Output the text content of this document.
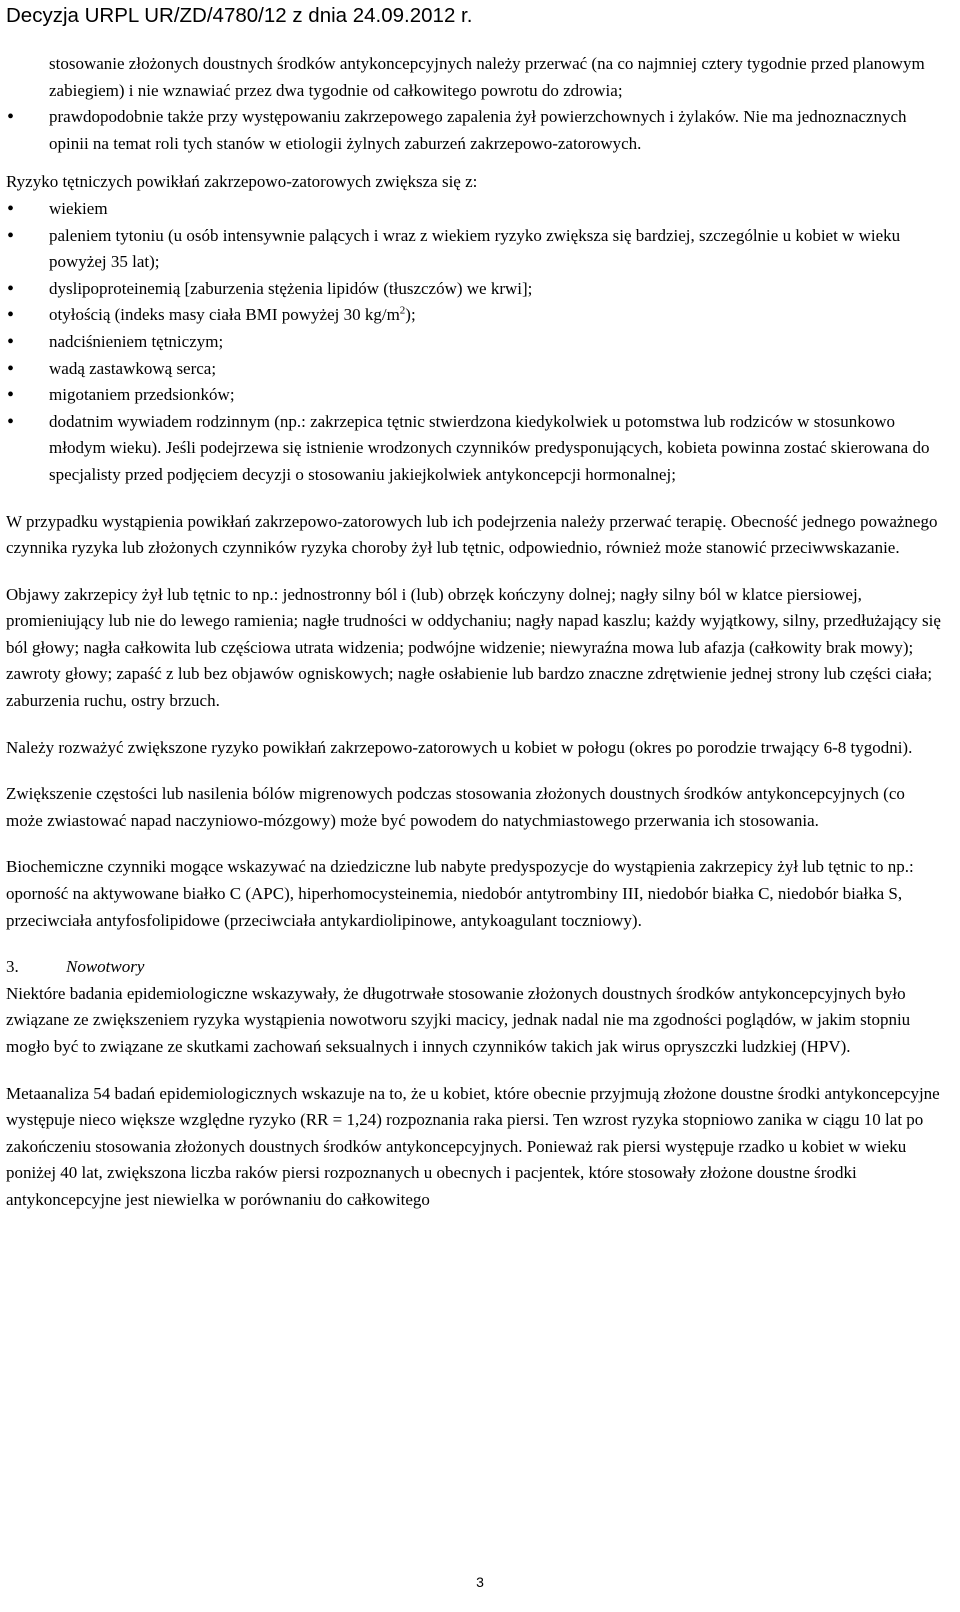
Decyzja URPL UR/ZD/4780/12 z dnia 24.09.2012 r.

stosowanie złożonych doustnych środków antykoncepcyjnych należy przerwać (na co najmniej cztery tygodnie przed planowym zabiegiem) i nie wznawiać przez dwa tygodnie od całkowitego powrotu do zdrowia;

• prawdopodobnie także przy występowaniu zakrzepowego zapalenia żył powierzchownych i żylaków. Nie ma jednoznacznych opinii na temat roli tych stanów w etiologii żylnych zaburzeń zakrzepowo-zatorowych.

Ryzyko tętniczych powikłań zakrzepowo-zatorowych zwiększa się z:

• wiekiem
• paleniem tytoniu (u osób intensywnie palących i wraz z wiekiem ryzyko zwiększa się bardziej, szczególnie u kobiet w wieku powyżej 35 lat);
• dyslipoproteinemią [zaburzenia stężenia lipidów (tłuszczów) we krwi];
• otyłością (indeks masy ciała BMI powyżej 30 $kg/m^2$);
• nadciśnieniem tętniczym;
• wadą zastawkową serca;
• migotaniem przedsionków;
• dodatnim wywiadem rodzinnym (np.: zakrzepica tętnic stwierdzona kiedykolwiek u potomstwa lub rodziców w stosunkowo młodym wieku). Jeśli podejrzewa się istnienie wrodzonych czynników predysponujących, kobieta powinna zostać skierowana do specjalisty przed podjęciem decyzji o stosowaniu jakiejkolwiek antykoncepcji hormonalnej;

W przypadku wystąpienia powikłań zakrzepowo-zatorowych lub ich podejrzenia należy przerwać terapię. Obecność jednego poważnego czynnika ryzyka lub złożonych czynników ryzyka choroby żył lub tętnic, odpowiednio, również może stanowić przeciwwskazanie.

Objawy zakrzepicy żył lub tętnic to np.: jednostronny ból i (lub) obrzęk kończyny dolnej; nagły silny ból w klatce piersiowej, promieniujący lub nie do lewego ramienia; nagłe trudności w oddychaniu; nagły napad kaszlu; każdy wyjątkowy, silny, przedłużający się ból głowy; nagła całkowita lub częściowa utrata widzenia; podwójne widzenie; niewyraźna mowa lub afazja (całkowity brak mowy); zawroty głowy; zapaść z lub bez objawów ogniskowych; nagłe osłabienie lub bardzo znaczne zdrętwienie jednej strony lub części ciała; zaburzenia ruchu, ostry brzuch.

Należy rozważyć zwiększone ryzyko powikłań zakrzepowo-zatorowych u kobiet w połogu (okres po porodzie trwający 6-8 tygodni).

Zwiększenie częstości lub nasilenia bólów migrenowych podczas stosowania złożonych doustnych środków antykoncepcyjnych (co może zwiastować napad naczyniowo-mózgowy) może być powodem do natychmiastowego przerwania ich stosowania.

Biochemiczne czynniki mogące wskazywać na dziedziczne lub nabyte predyspozycje do wystąpienia zakrzepicy żył lub tętnic to np.: oporność na aktywowane białko C (APC), hiperhomocysteinemia, niedobór antytrombiny III, niedobór białka C, niedobór białka S, przeciwciała antyfosfolipidowe (przeciwciała antykardiolipinowe, antykoagulant toczniowy).

3.	Nowotwory

Niektóre badania epidemiologiczne wskazywały, że długotrwałe stosowanie złożonych doustnych środków antykoncepcyjnych było związane ze zwiększeniem ryzyka wystąpienia nowotworu szyjki macicy, jednak nadal nie ma zgodności poglądów, w jakim stopniu mogło być to związane ze skutkami zachowań seksualnych i innych czynników takich jak wirus opryszczki ludzkiej (HPV).

Metaanaliza 54 badań epidemiologicznych wskazuje na to, że u kobiet, które obecnie przyjmują złożone doustne środki antykoncepcyjne występuje nieco większe względne ryzyko (RR = 1,24) rozpoznania raka piersi. Ten wzrost ryzyka stopniowo zanika w ciągu 10 lat po zakończeniu stosowania złożonych doustnych środków antykoncepcyjnych. Ponieważ rak piersi występuje rzadko u kobiet w wieku poniżej 40 lat, zwiększona liczba raków piersi rozpoznanych u obecnych i pacjentek, które stosowały złożone doustne środki antykoncepcyjne jest niewielka w porównaniu do całkowitego

3
